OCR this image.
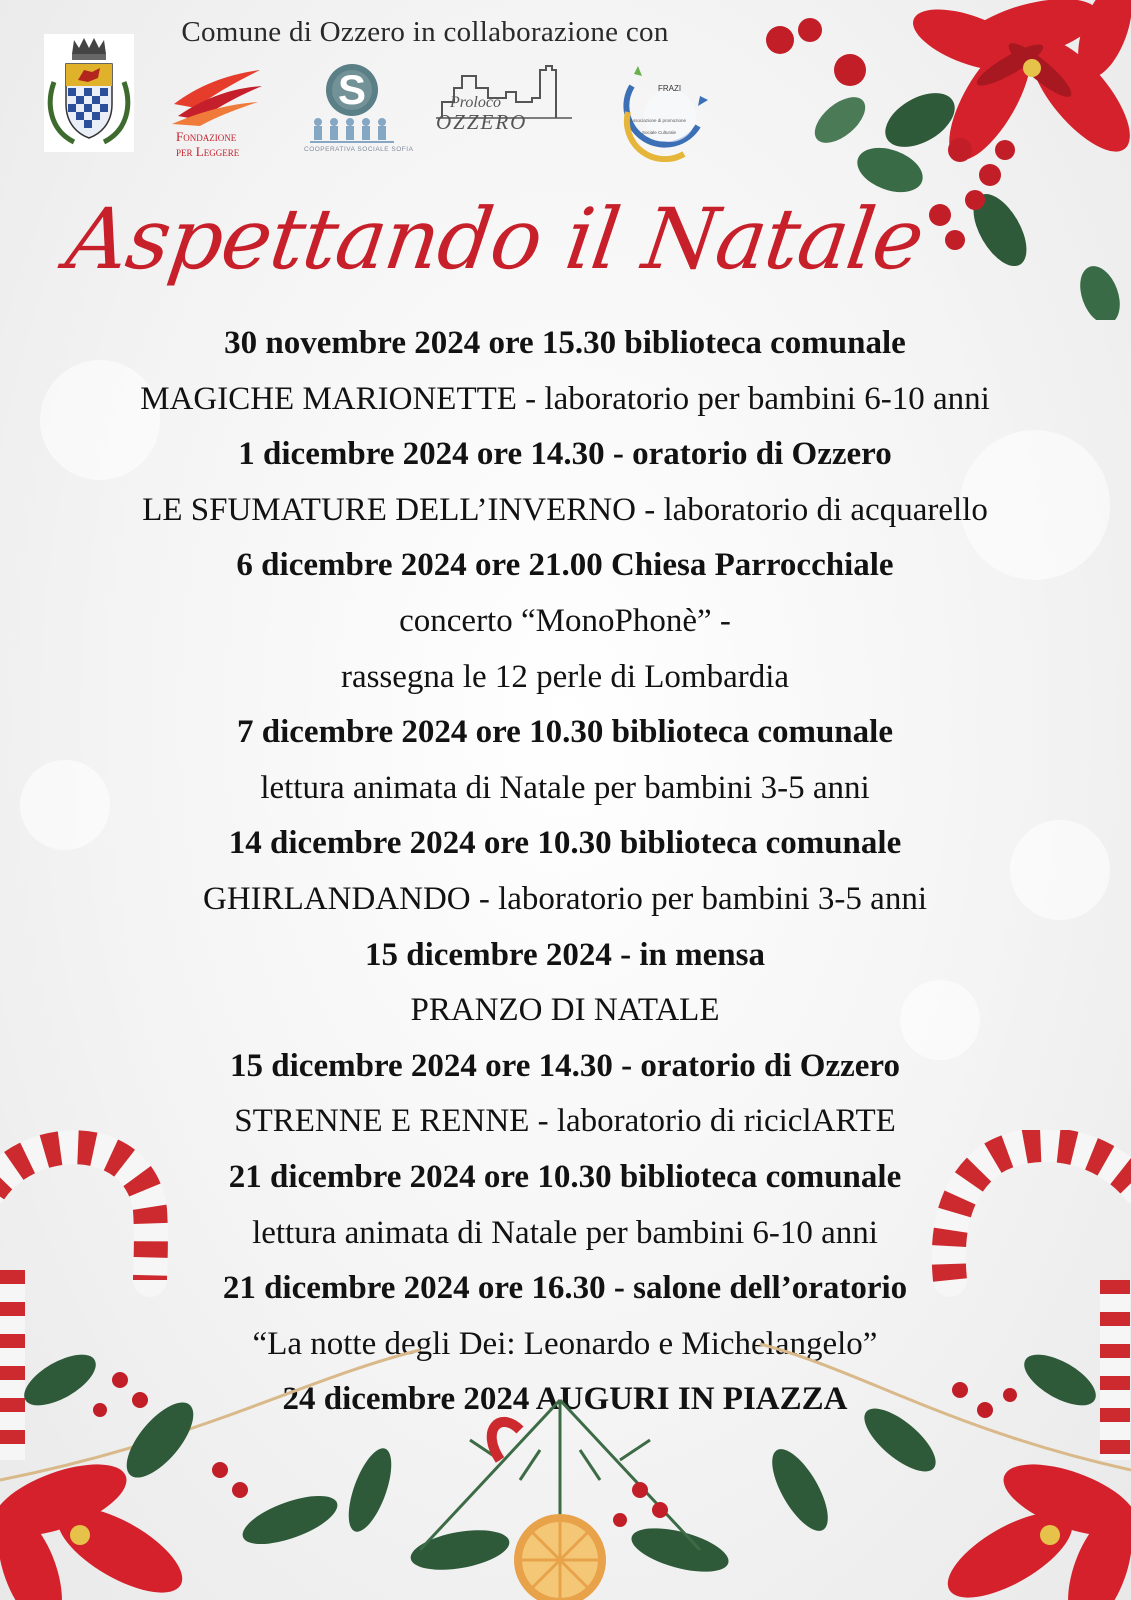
Comune di Ozzero in collaborazione con
Fondazione
per Leggere
S
COOPERATIVA SOCIALE SOFIA
Proloco
OZZERO
FRAZI
Associazione di promozione
Sociale Culturale
Aspettando il Natale
30 novembre 2024 ore 15.30 biblioteca comunale
MAGICHE MARIONETTE - laboratorio per bambini 6-10 anni
1 dicembre 2024 ore 14.30 - oratorio di Ozzero
LE SFUMATURE DELL’INVERNO - laboratorio di acquarello
6 dicembre 2024 ore 21.00 Chiesa Parrocchiale
concerto “MonoPhonè” -
rassegna le 12 perle di Lombardia
7 dicembre 2024 ore 10.30 biblioteca comunale
lettura animata di Natale per bambini 3-5 anni
14 dicembre 2024 ore 10.30 biblioteca comunale
GHIRLANDANDO - laboratorio per bambini 3-5 anni
15 dicembre 2024 - in mensa
PRANZO DI NATALE
15 dicembre 2024 ore 14.30 - oratorio di Ozzero
STRENNE E RENNE - laboratorio di riciclARTE
21 dicembre 2024 ore 10.30 biblioteca comunale
lettura animata di Natale per bambini 6-10 anni
21 dicembre 2024 ore 16.30 - salone dell’oratorio
“La notte degli Dei: Leonardo e Michelangelo”
24 dicembre 2024 AUGURI IN PIAZZA
